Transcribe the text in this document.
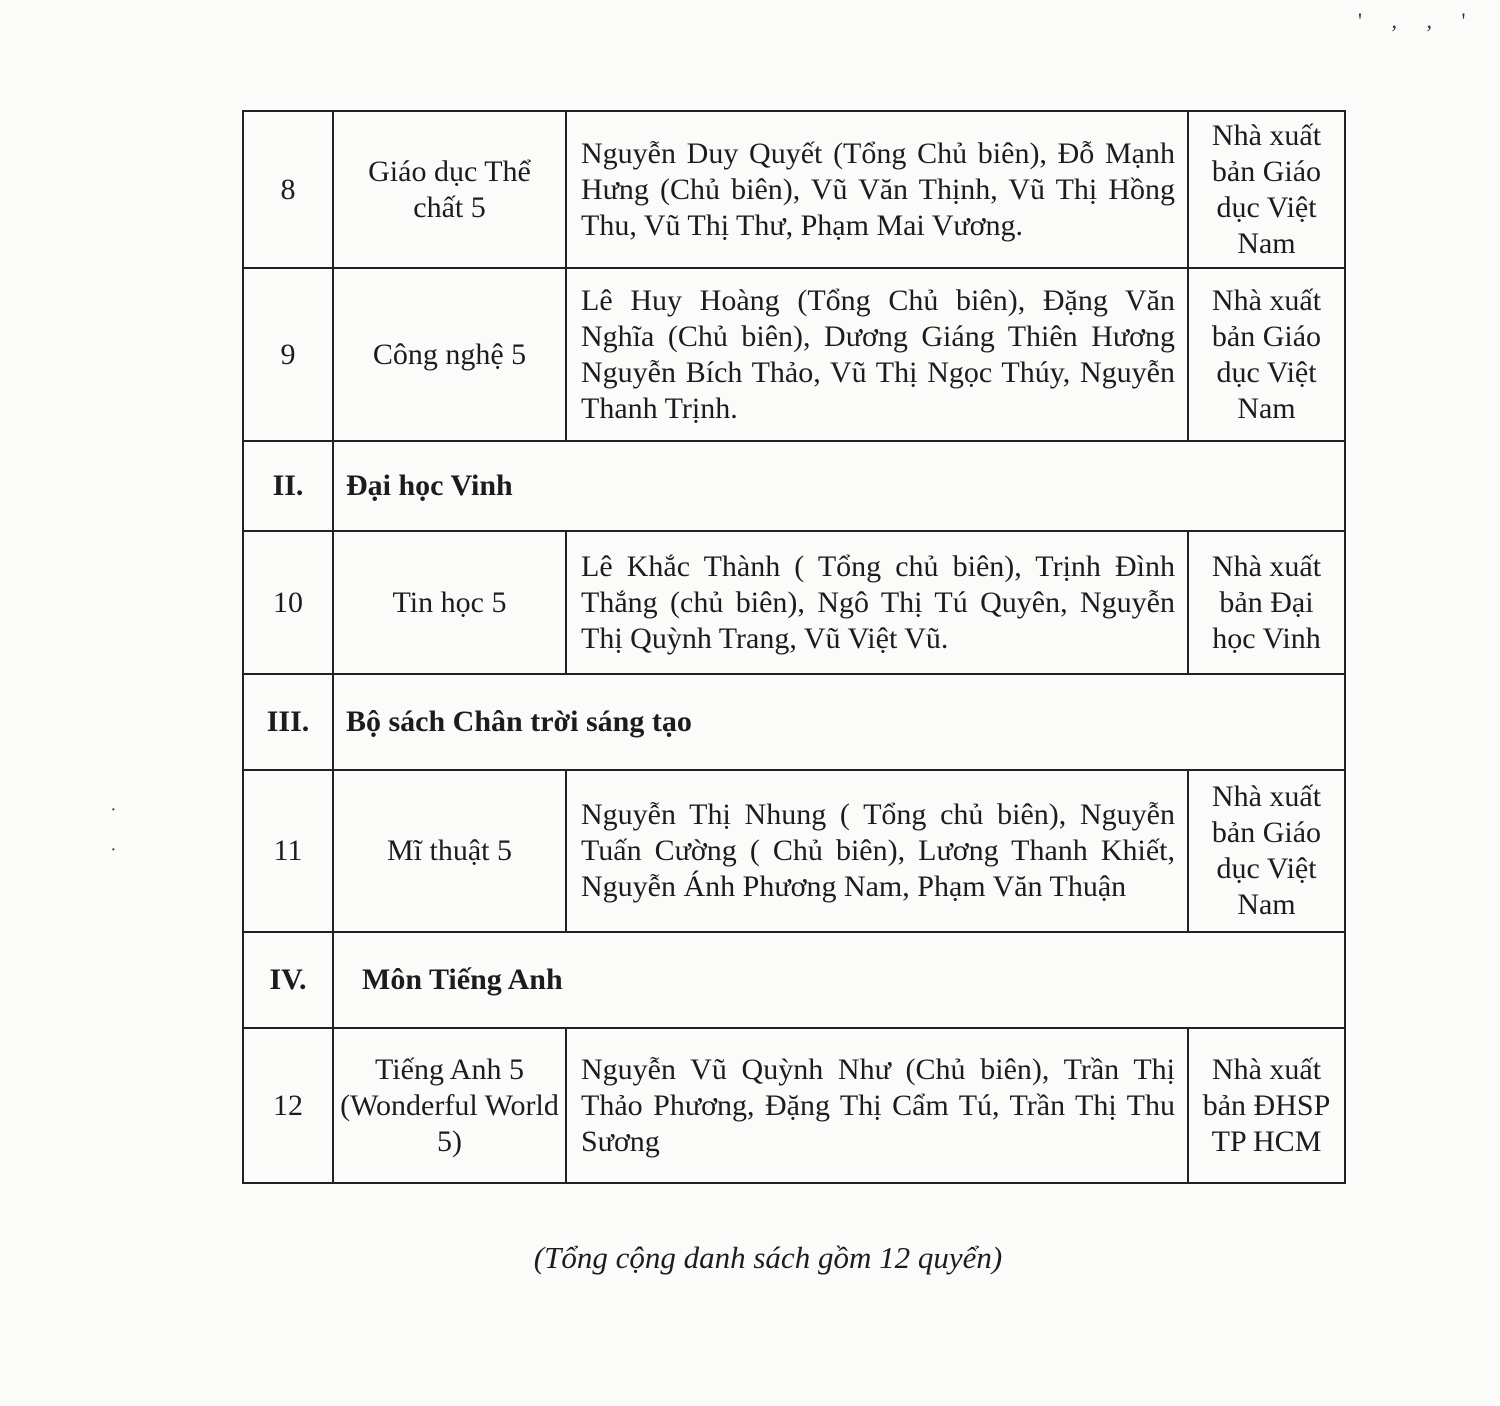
' , , '
·
·
8	Giáo dục Thể chất 5	Nguyễn Duy Quyết (Tổng Chủ biên), Đỗ Mạnh Hưng (Chủ biên), Vũ Văn Thịnh, Vũ Thị Hồng Thu, Vũ Thị Thư, Phạm Mai Vương.	Nhà xuất bản Giáo dục Việt Nam
9	Công nghệ 5	Lê Huy Hoàng (Tổng Chủ biên), Đặng Văn Nghĩa (Chủ biên), Dương Giáng Thiên Hương Nguyễn Bích Thảo, Vũ Thị Ngọc Thúy, Nguyễn Thanh Trịnh.	Nhà xuất bản Giáo dục Việt Nam
II.	Đại học Vinh		
10	Tin học 5	Lê Khắc Thành ( Tổng chủ biên), Trịnh Đình Thắng (chủ biên), Ngô Thị Tú Quyên, Nguyễn Thị Quỳnh Trang, Vũ Việt Vũ.	Nhà xuất bản Đại học Vinh
III.	Bộ sách Chân trời sáng tạo		
11	Mĩ thuật 5	Nguyễn Thị Nhung ( Tổng chủ biên), Nguyễn Tuấn Cường ( Chủ biên), Lương Thanh Khiết, Nguyễn Ánh Phương Nam, Phạm Văn Thuận	Nhà xuất bản Giáo dục Việt Nam
IV.	Môn Tiếng Anh		
12	Tiếng Anh 5 (Wonderful World 5)	Nguyễn Vũ Quỳnh Như (Chủ biên), Trần Thị Thảo Phương, Đặng Thị Cẩm Tú, Trần Thị Thu Sương	Nhà xuất bản ĐHSP TP HCM
(Tổng cộng danh sách gồm 12 quyển)
